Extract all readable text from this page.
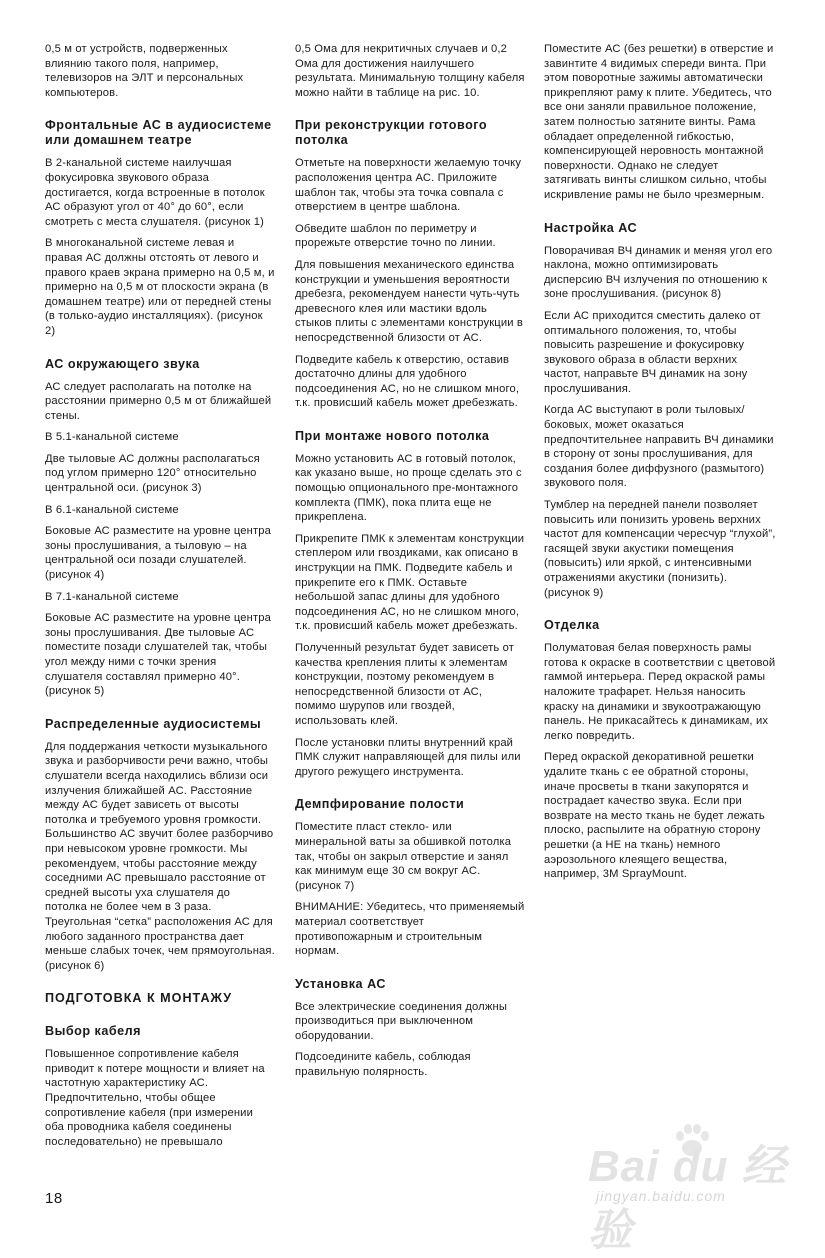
0,5 м от устройств, подверженных влиянию такого поля, например, телевизоров на ЭЛТ и персональных компьютеров.

Фронтальные АС в аудиосистеме или домашнем театре

В 2-канальной системе наилучшая фокусировка звукового образа достигается, когда встроенные в потолок АС образуют угол от 40° до 60°, если смотреть с места слушателя. (рисунок 1)

В многоканальной системе левая и правая АС должны отстоять от левого и правого краев экрана примерно на 0,5 м, и примерно на 0,5 м от плоскости экрана (в домашнем театре) или от передней стены (в только-аудио инсталляциях). (рисунок 2)

АС окружающего звука

АС следует располагать на потолке на расстоянии примерно 0,5 м от ближайшей стены.

В 5.1-канальной системе

Две тыловые АС должны располагаться под углом примерно 120° относительно центральной оси. (рисунок 3)

В 6.1-канальной системе

Боковые АС разместите на уровне центра зоны прослушивания, а тыловую – на центральной оси позади слушателей. (рисунок 4)

В 7.1-канальной системе

Боковые АС разместите на уровне центра зоны прослушивания. Две тыловые АС поместите позади слушателей так, чтобы угол между ними с точки зрения слушателя составлял примерно 40°. (рисунок 5)

Распределенные аудиосистемы

Для поддержания четкости музыкального звука и разборчивости речи важно, чтобы слушатели всегда находились вблизи оси излучения ближайшей АС. Расстояние между АС будет зависеть от высоты потолка и требуемого уровня громкости. Большинство АС звучит более разборчиво при невысоком уровне громкости. Мы рекомендуем, чтобы расстояние между соседними АС превышало расстояние от средней высоты уха слушателя до потолка не более чем в 3 раза. Треугольная “сетка” расположения АС для любого заданного пространства дает меньше слабых точек, чем прямоугольная. (рисунок 6)

ПОДГОТОВКА К МОНТАЖУ
Выбор кабеля

Повышенное сопротивление кабеля приводит к потере мощности и влияет на частотную характеристику АС. Предпочтительно, чтобы общее сопротивление кабеля (при измерении оба проводника кабеля соединены последовательно) не превышало

0,5 Ома для некритичных случаев и 0,2 Ома для достижения наилучшего результата. Минимальную толщину кабеля можно найти в таблице на рис. 10.

При реконструкции готового потолка

Отметьте на поверхности желаемую точку расположения центра АС. Приложите шаблон так, чтобы эта точка совпала с отверстием в центре шаблона.

Обведите шаблон по периметру и прорежьте отверстие точно по линии.

Для повышения механического единства конструкции и уменьшения вероятности дребезга, рекомендуем нанести чуть-чуть древесного клея или мастики вдоль стыков плиты с элементами конструкции в непосредственной близости от АС.

Подведите кабель к отверстию, оставив достаточно длины для удобного подсоединения АС, но не слишком много, т.к. провисший кабель может дребезжать.

При монтаже нового потолка

Можно установить АС в готовый потолок, как указано выше, но проще сделать это с помощью опционального пре-монтажного комплекта (ПМК), пока плита еще не прикреплена.

Прикрепите ПМК к элементам конструкции степлером или гвоздиками, как описано в инструкции на ПМК. Подведите кабель и прикрепите его к ПМК. Оставьте небольшой запас длины для удобного подсоединения АС, но не слишком много, т.к. провисший кабель может дребезжать.

Полученный результат будет зависеть от качества крепления плиты к элементам конструкции, поэтому рекомендуем в непосредственной близости от АС, помимо шурупов или гвоздей, использовать клей.

После установки плиты внутренний край ПМК служит направляющей для пилы или другого режущего инструмента.

Демпфирование полости

Поместите пласт стекло- или минеральной ваты за обшивкой потолка так, чтобы он закрыл отверстие и занял как минимум еще 30 см вокруг АС. (рисунок 7)

ВНИМАНИЕ: Убедитесь, что применяемый материал соответствует противопожарным и строительным нормам.

Установка АС

Все электрические соединения должны производиться при выключенном оборудовании.

Подсоедините кабель, соблюдая правильную полярность.

Поместите АС (без решетки) в отверстие и завинтите 4 видимых спереди винта. При этом поворотные зажимы автоматически прикрепляют раму к плите. Убедитесь, что все они заняли правильное положение, затем полностью затяните винты. Рама обладает определенной гибкостью, компенсирующей неровность монтажной поверхности. Однако не следует затягивать винты слишком сильно, чтобы искривление рамы не было чрезмерным.

Настройка АС

Поворачивая ВЧ динамик и меняя угол его наклона, можно оптимизировать дисперсию ВЧ излучения по отношению к зоне прослушивания. (рисунок 8)

Если АС приходится сместить далеко от оптимального положения, то, чтобы повысить разрешение и фокусировку звукового образа в области верхних частот, направьте ВЧ динамик на зону прослушивания.

Когда АС выступают в роли тыловых/боковых, может оказаться предпочтительнее направить ВЧ динамики в сторону от зоны прослушивания, для создания более диффузного (размытого) звукового поля.

Тумблер на передней панели позволяет повысить или понизить уровень верхних частот для компенсации чересчур “глухой”, гасящей звуки акустики помещения (повысить) или яркой, с интенсивными отражениями акустики (понизить). (рисунок 9)

Отделка

Полуматовая белая поверхность рамы готова к окраске в соответствии с цветовой гаммой интерьера. Перед окраской рамы наложите трафарет. Нельзя наносить краску на динамики и звукоотражающую панель. Не прикасайтесь к динамикам, их легко повредить.

Перед окраской декоративной решетки удалите ткань с ее обратной стороны, иначе просветы в ткани закупорятся и пострадает качество звука. Если при возврате на место ткань не будет лежать плоско, распылите на обратную сторону решетки (а НЕ на ткань) немного аэрозольного клеящего вещества, например, 3M SprayMount.

18
Bai du 经验
jingyan.baidu.com
